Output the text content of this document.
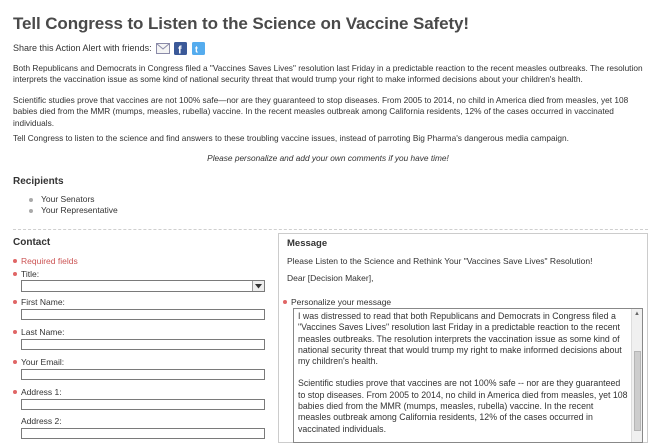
Tell Congress to Listen to the Science on Vaccine Safety!
Share this Action Alert with friends: f t
Both Republicans and Democrats in Congress filed a "Vaccines Saves Lives" resolution last Friday in a predictable reaction to the recent measles outbreaks. The resolution interprets the vaccination issue as some kind of national security threat that would trump your right to make informed decisions about your children's health.
Scientific studies prove that vaccines are not 100% safe—nor are they guaranteed to stop diseases. From 2005 to 2014, no child in America died from measles, yet 108 babies died from the MMR (mumps, measles, rubella) vaccine. In the recent measles outbreak among California residents, 12% of the cases occurred in vaccinated individuals.
Tell Congress to listen to the science and find answers to these troubling vaccine issues, instead of parroting Big Pharma's dangerous media campaign.
Please personalize and add your own comments if you have time!
Recipients
Your Senators
Your Representative
Contact
Required fields
Title:
First Name:
Last Name:
Your Email:
Address 1:
Address 2:
Message
Please Listen to the Science and Rethink Your "Vaccines Save Lives" Resolution!
Dear [Decision Maker],
Personalize your message
I was distressed to read that both Republicans and Democrats in Congress filed a "Vaccines Saves Lives" resolution last Friday in a predictable reaction to the recent measles outbreaks. The resolution interprets the vaccination issue as some kind of national security threat that would trump my right to make informed decisions about my children's health.
Scientific studies prove that vaccines are not 100% safe -- nor are they guaranteed to stop diseases. From 2005 to 2014, no child in America died from measles, yet 108 babies died from the MMR (mumps, measles, rubella) vaccine. In the recent measles outbreak among California residents, 12% of the cases occurred in vaccinated individuals.
▲
